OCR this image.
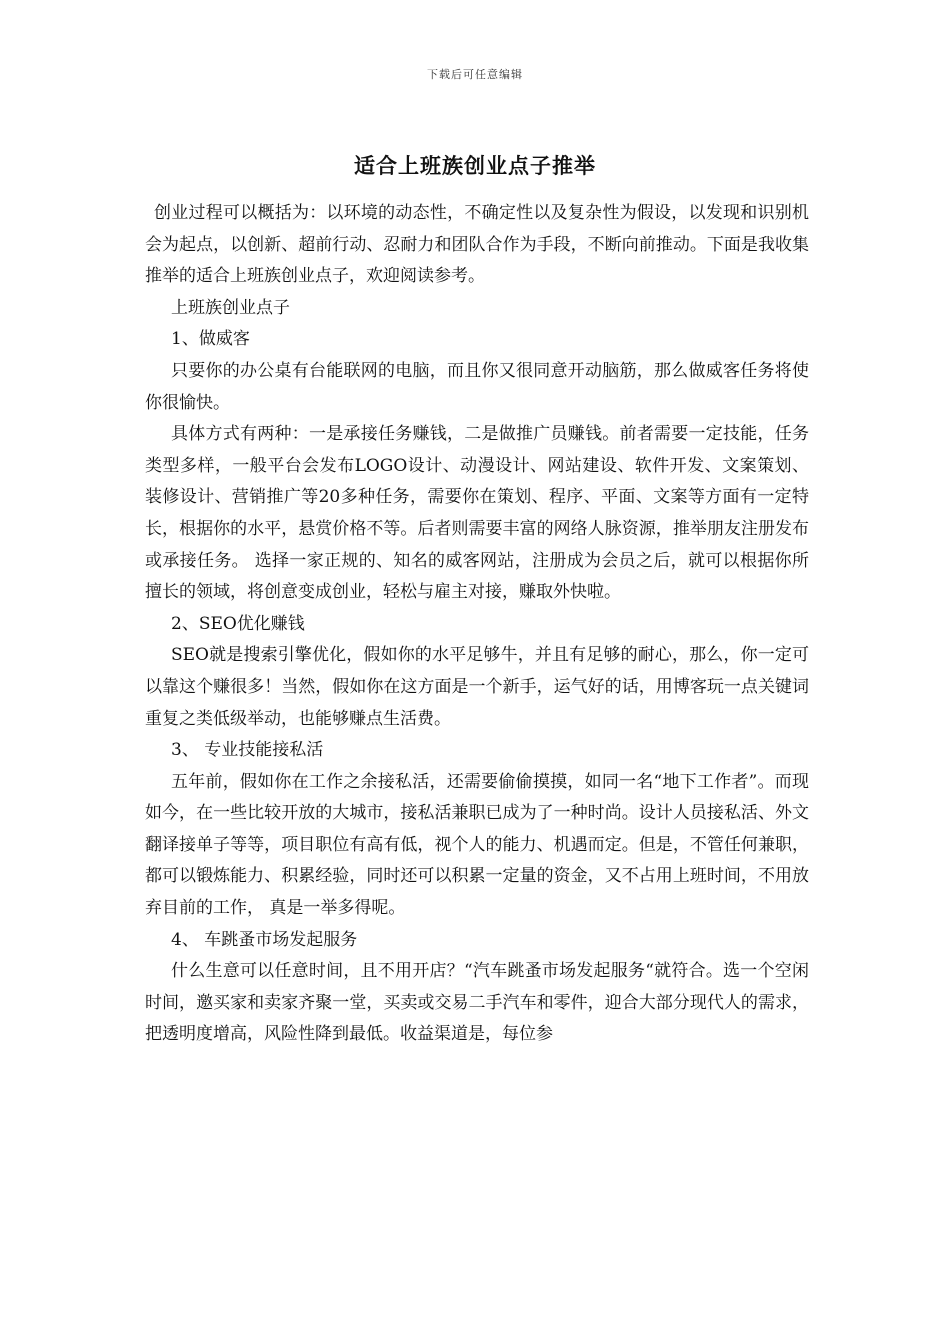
下载后可任意编辑
适合上班族创业点子推举

创业过程可以概括为：以环境的动态性，不确定性以及复杂性为假设，以发现和识别机会为起点，以创新、超前行动、忍耐力和团队合作为手段，不断向前推动。下面是我收集推举的适合上班族创业点子，欢迎阅读参考。

上班族创业点子

1、做威客

只要你的办公桌有台能联网的电脑，而且你又很同意开动脑筋，那么做威客任务将使你很愉快。

具体方式有两种：一是承接任务赚钱，二是做推广员赚钱。前者需要一定技能，任务类型多样，一般平台会发布LOGO设计、动漫设计、网站建设、软件开发、文案策划、装修设计、营销推广等20多种任务，需要你在策划、程序、平面、文案等方面有一定特长，根据你的水平，悬赏价格不等。后者则需要丰富的网络人脉资源，推举朋友注册发布或承接任务。 选择一家正规的、知名的威客网站，注册成为会员之后，就可以根据你所擅长的领域，将创意变成创业，轻松与雇主对接，赚取外快啦。

2、SEO优化赚钱

SEO就是搜索引擎优化，假如你的水平足够牛，并且有足够的耐心，那么，你一定可以靠这个赚很多！当然，假如你在这方面是一个新手，运气好的话，用博客玩一点关键词重复之类低级举动，也能够赚点生活费。

3、 专业技能接私活

五年前，假如你在工作之余接私活，还需要偷偷摸摸，如同一名“地下工作者”。而现如今，在一些比较开放的大城市，接私活兼职已成为了一种时尚。设计人员接私活、外文翻译接单子等等，项目职位有高有低，视个人的能力、机遇而定。但是，不管任何兼职，都可以锻炼能力、积累经验，同时还可以积累一定量的资金，又不占用上班时间，不用放弃目前的工作， 真是一举多得呢。

4、 车跳蚤市场发起服务

什么生意可以任意时间，且不用开店？“汽车跳蚤市场发起服务“就符合。选一个空闲时间，邀买家和卖家齐聚一堂，买卖或交易二手汽车和零件，迎合大部分现代人的需求，把透明度增高，风险性降到最低。收益渠道是，每位参
